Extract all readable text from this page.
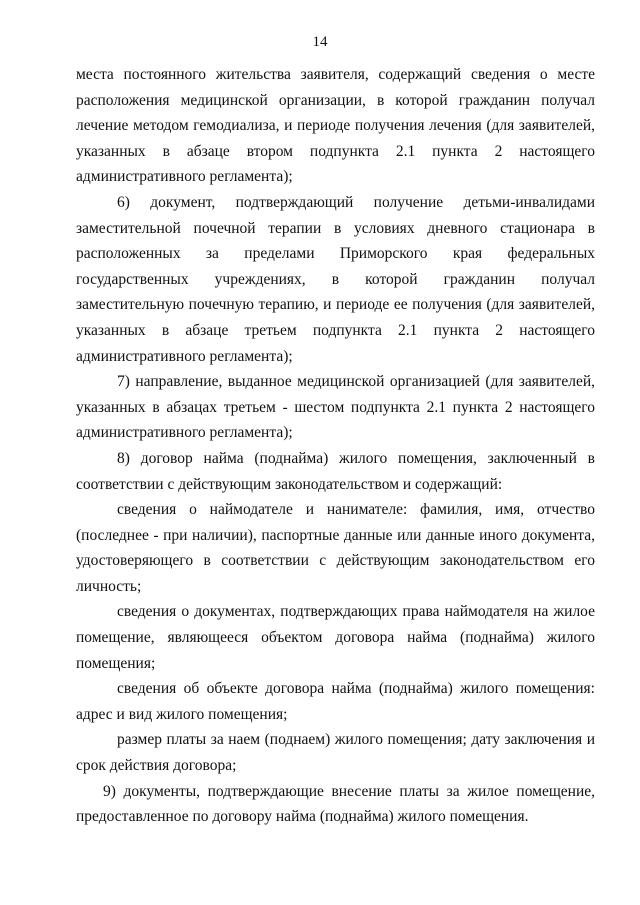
14

места постоянного жительства заявителя, содержащий сведения о месте расположения медицинской организации, в которой гражданин получал лечение методом гемодиализа, и периоде получения лечения (для заявителей, указанных в абзаце втором подпункта 2.1 пункта 2 настоящего административного регламента);

6) документ, подтверждающий получение детьми-инвалидами заместительной почечной терапии в условиях дневного стационара в расположенных за пределами Приморского края федеральных государственных учреждениях, в которой гражданин получал заместительную почечную терапию, и периоде ее получения (для заявителей, указанных в абзаце третьем подпункта 2.1 пункта 2 настоящего административного регламента);

7) направление, выданное медицинской организацией (для заявителей, указанных в абзацах третьем - шестом подпункта 2.1 пункта 2 настоящего административного регламента);

8) договор найма (поднайма) жилого помещения, заключенный в соответствии с действующим законодательством и содержащий:

сведения о наймодателе и нанимателе: фамилия, имя, отчество (последнее - при наличии), паспортные данные или данные иного документа, удостоверяющего в соответствии с действующим законодательством его личность;

сведения о документах, подтверждающих права наймодателя на жилое помещение, являющееся объектом договора найма (поднайма) жилого помещения;

сведения об объекте договора найма (поднайма) жилого помещения: адрес и вид жилого помещения;

размер платы за наем (поднаем) жилого помещения; дату заключения и срок действия договора;

9) документы, подтверждающие внесение платы за жилое помещение, предоставленное по договору найма (поднайма) жилого помещения.
